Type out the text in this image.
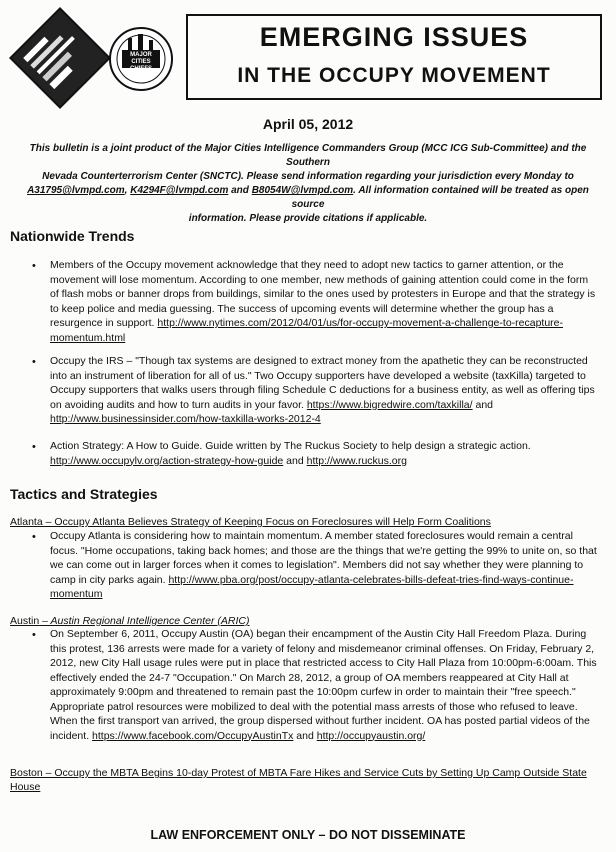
MAJOR CITIES CHIEFS
EMERGING ISSUES
IN THE OCCUPY MOVEMENT
April 05, 2012
This bulletin is a joint product of the Major Cities Intelligence Commanders Group (MCC ICG Sub-Committee) and the Southern
Nevada Counterterrorism Center (SNCTC). Please send information regarding your jurisdiction every Monday to
A31795@lvmpd.com, K4294F@lvmpd.com and B8054W@lvmpd.com. All information contained will be treated as open source
information. Please provide citations if applicable.
Nationwide Trends
• Members of the Occupy movement acknowledge that they need to adopt new tactics to garner attention, or the movement will lose momentum. According to one member, new methods of gaining attention could come in the form of flash mobs or banner drops from buildings, similar to the ones used by protesters in Europe and that the strategy is to keep police and media guessing. The success of upcoming events will determine whether the group has a resurgence in support. http://www.nytimes.com/2012/04/01/us/for-occupy-movement-a-challenge-to-recapture-momentum.html
• Occupy the IRS – "Though tax systems are designed to extract money from the apathetic they can be reconstructed into an instrument of liberation for all of us." Two Occupy supporters have developed a website (taxKilla) targeted to Occupy supporters that walks users through filing Schedule C deductions for a business entity, as well as offering tips on avoiding audits and how to turn audits in your favor. https://www.bigredwire.com/taxkilla/ and http://www.businessinsider.com/how-taxkilla-works-2012-4
• Action Strategy: A How to Guide. Guide written by The Ruckus Society to help design a strategic action. http://www.occupylv.org/action-strategy-how-guide and http://www.ruckus.org
Tactics and Strategies
Atlanta – Occupy Atlanta Believes Strategy of Keeping Focus on Foreclosures will Help Form Coalitions
• Occupy Atlanta is considering how to maintain momentum. A member stated foreclosures would remain a central focus. "Home occupations, taking back homes; and those are the things that we're getting the 99% to unite on, so that we can come out in larger forces when it comes to legislation". Members did not say whether they were planning to camp in city parks again. http://www.pba.org/post/occupy-atlanta-celebrates-bills-defeat-tries-find-ways-continue-momentum
Austin – Austin Regional Intelligence Center (ARIC)
• On September 6, 2011, Occupy Austin (OA) began their encampment of the Austin City Hall Freedom Plaza. During this protest, 136 arrests were made for a variety of felony and misdemeanor criminal offenses. On Friday, February 2, 2012, new City Hall usage rules were put in place that restricted access to City Hall Plaza from 10:00pm-6:00am. This effectively ended the 24-7 "Occupation." On March 28, 2012, a group of OA members reappeared at City Hall at approximately 9:00pm and threatened to remain past the 10:00pm curfew in order to maintain their "free speech." Appropriate patrol resources were mobilized to deal with the potential mass arrests of those who refused to leave. When the first transport van arrived, the group dispersed without further incident. OA has posted partial videos of the incident. https://www.facebook.com/OccupyAustinTx and http://occupyaustin.org/
Boston – Occupy the MBTA Begins 10-day Protest of MBTA Fare Hikes and Service Cuts by Setting Up Camp Outside State House
LAW ENFORCEMENT ONLY – DO NOT DISSEMINATE
